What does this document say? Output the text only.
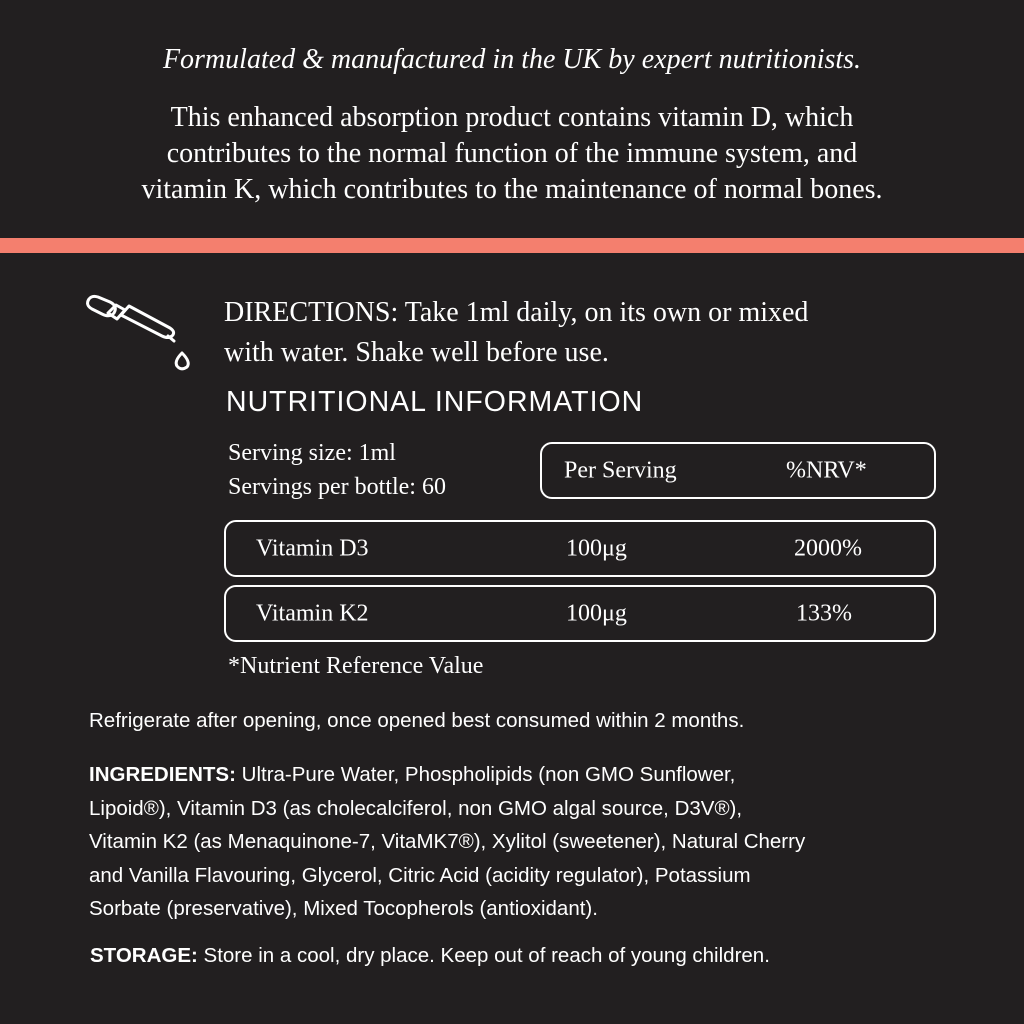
Formulated & manufactured in the UK by expert nutritionists.
This enhanced absorption product contains vitamin D, which
contributes to the normal function of the immune system, and
vitamin K, which contributes to the maintenance of normal bones.
DIRECTIONS: Take 1ml daily, on its own or mixed
with water. Shake well before use.
NUTRITIONAL INFORMATION
Serving size: 1ml
Servings per bottle: 60
Per Serving	%NRV*
Vitamin D3	100μg	2000%
Vitamin K2	100μg	133%
*Nutrient Reference Value
Refrigerate after opening, once opened best consumed within 2 months.
INGREDIENTS: Ultra-Pure Water, Phospholipids (non GMO Sunflower,
Lipoid®), Vitamin D3 (as cholecalciferol, non GMO algal source, D3V®),
Vitamin K2 (as Menaquinone-7, VitaMK7®), Xylitol (sweetener), Natural Cherry
and Vanilla Flavouring, Glycerol, Citric Acid (acidity regulator), Potassium
Sorbate (preservative), Mixed Tocopherols (antioxidant).
STORAGE: Store in a cool, dry place. Keep out of reach of young children.
